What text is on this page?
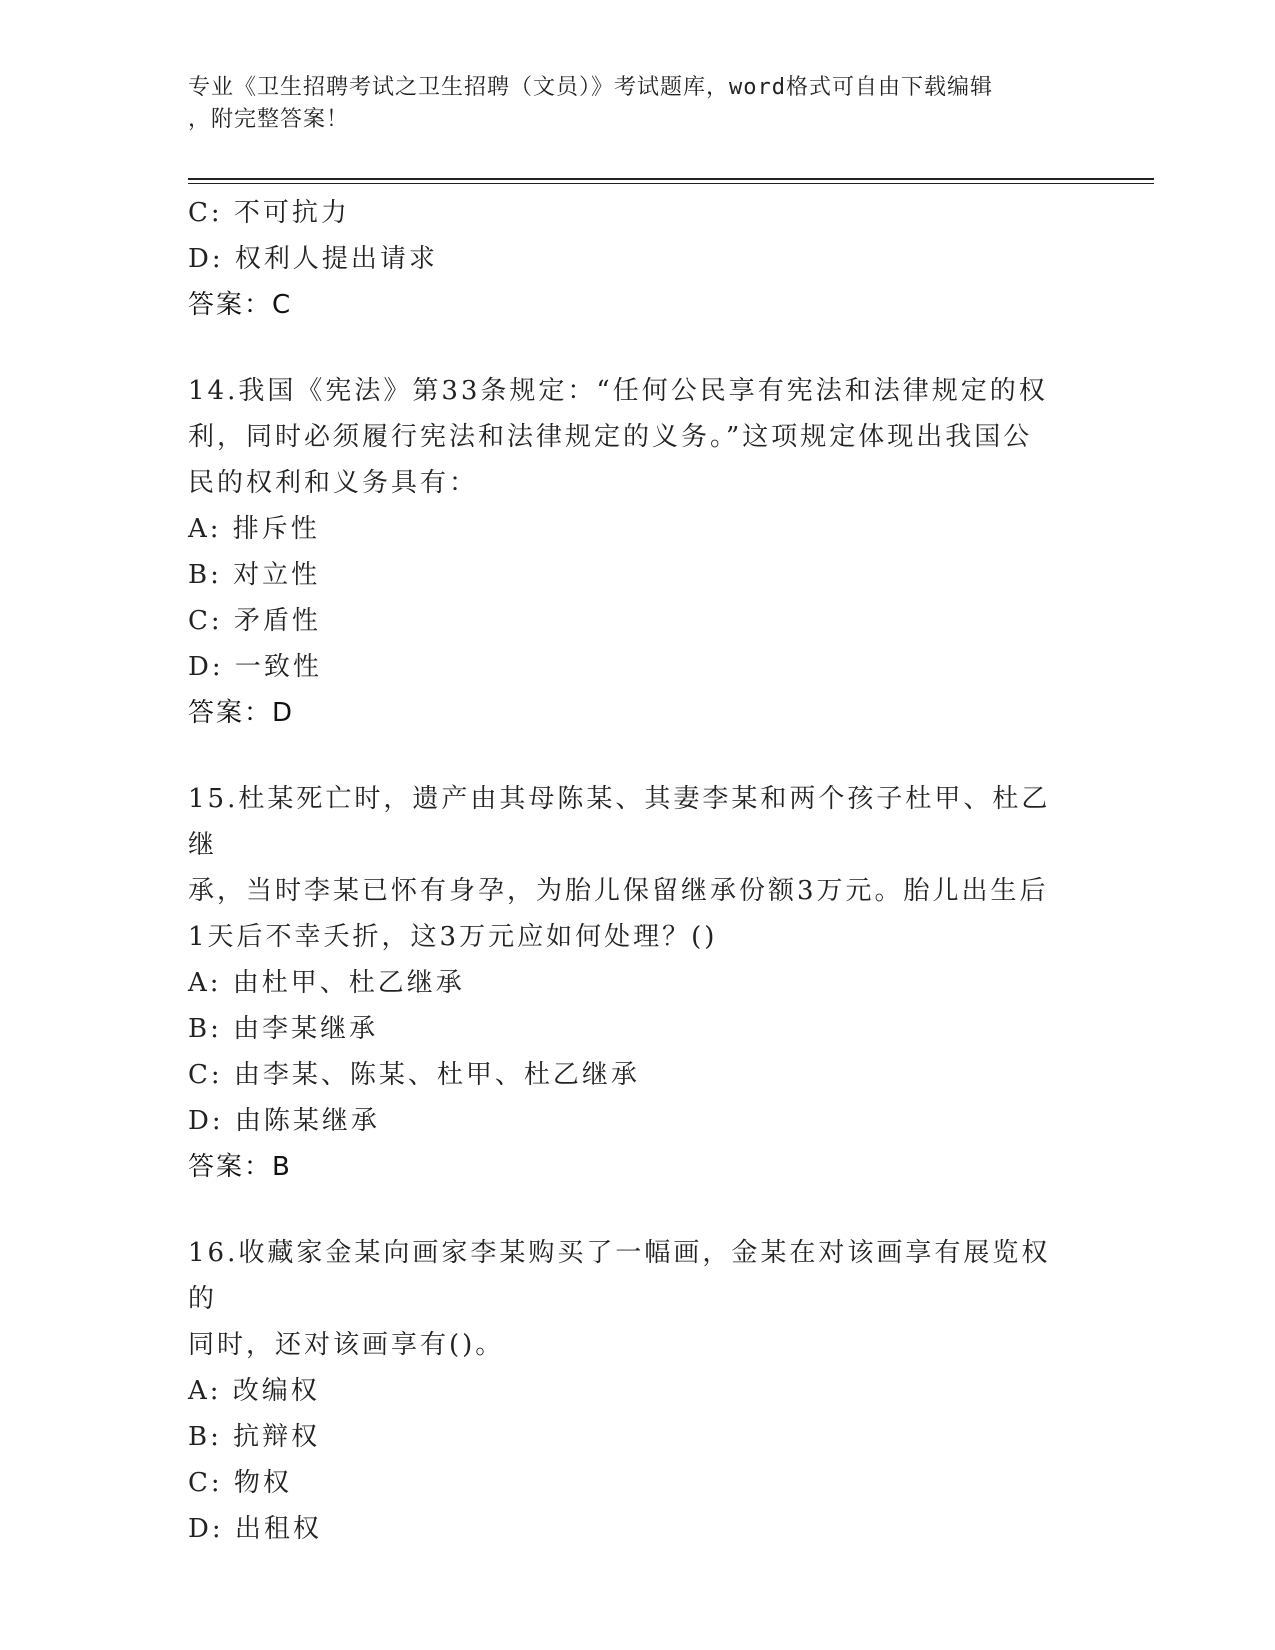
专业《卫生招聘考试之卫生招聘（文员）》考试题库，word格式可自由下载编辑
，附完整答案！
C: 不可抗力
D: 权利人提出请求
答案：C
14.我国《宪法》第33条规定：“任何公民享有宪法和法律规定的权
利，同时必须履行宪法和法律规定的义务。”这项规定体现出我国公
民的权利和义务具有：
A: 排斥性
B: 对立性
C: 矛盾性
D: 一致性
答案：D
15.杜某死亡时，遗产由其母陈某、其妻李某和两个孩子杜甲、杜乙继
承，当时李某已怀有身孕，为胎儿保留继承份额3万元。胎儿出生后
1天后不幸夭折，这3万元应如何处理？()
A: 由杜甲、杜乙继承
B: 由李某继承
C: 由李某、陈某、杜甲、杜乙继承
D: 由陈某继承
答案：B
16.收藏家金某向画家李某购买了一幅画，金某在对该画享有展览权的
同时，还对该画享有()。
A: 改编权
B: 抗辩权
C: 物权
D: 出租权
